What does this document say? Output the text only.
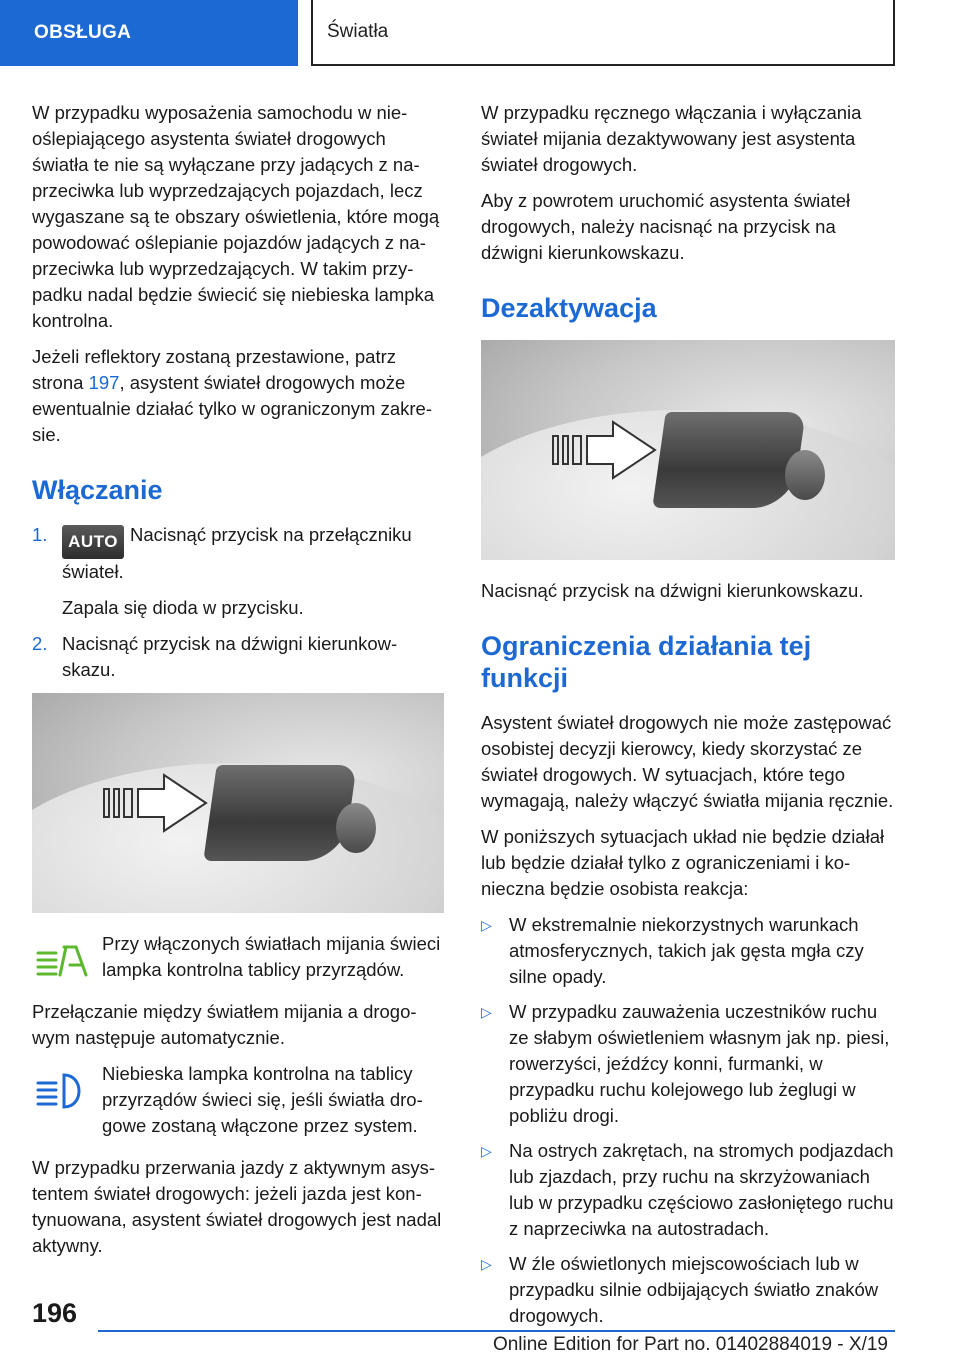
OBSŁUGA	Światła

W przypadku wyposażenia samochodu w nieoślepiającego asystenta świateł drogowych światła te nie są wyłączane przy jadących z naprzeciwka lub wyprzedzających pojazdach, lecz wygaszane są te obszary oświetlenia, które mogą powodować oślepianie pojazdów jadących z naprzeciwka lub wyprzedzających. W takim przypadku nadal będzie świecić się niebieska lampka kontrolna.

Jeżeli reflektory zostaną przestawione, patrz strona 197, asystent świateł drogowych może ewentualnie działać tylko w ograniczonym zakresie.

Włączanie
1.	AUTO Nacisnąć przycisk na przełączniku świateł.
Zapala się dioda w przycisku.
2. Nacisnąć przycisk na dźwigni kierunkowskazu.
Przy włączonych światłach mijania świeci lampka kontrolna tablicy przyrządów.

Przełączanie między światłem mijania a drogowym następuje automatycznie.

Niebieska lampka kontrolna na tablicy przyrządów świeci się, jeśli światła drogowe zostaną włączone przez system.

W przypadku przerwania jazdy z aktywnym asystentem świateł drogowych: jeżeli jazda jest kontynuowana, asystent świateł drogowych jest nadal aktywny.

W przypadku ręcznego włączania i wyłączania świateł mijania dezaktywowany jest asystenta świateł drogowych.

Aby z powrotem uruchomić asystenta świateł drogowych, należy nacisnąć na przycisk na dźwigni kierunkowskazu.

Dezaktywacja

Nacisnąć przycisk na dźwigni kierunkowskazu.

Ograniczenia działania tej funkcji

Asystent świateł drogowych nie może zastępować osobistej decyzji kierowcy, kiedy skorzystać ze świateł drogowych. W sytuacjach, które tego wymagają, należy włączyć światła mijania ręcznie.

W poniższych sytuacjach układ nie będzie działał lub będzie działał tylko z ograniczeniami i konieczna będzie osobista reakcja:

▷ W ekstremalnie niekorzystnych warunkach atmosferycznych, takich jak gęsta mgła czy silne opady.
▷ W przypadku zauważenia uczestników ruchu ze słabym oświetleniem własnym jak np. piesi, rowerzyści, jeźdźcy konni, furmanki, w przypadku ruchu kolejowego lub żeglugi w pobliżu drogi.
▷ Na ostrych zakrętach, na stromych podjazdach lub zjazdach, przy ruchu na skrzyżowaniach lub w przypadku częściowo zasłoniętego ruchu z naprzeciwka na autostradach.
▷ W źle oświetlonych miejscowościach lub w przypadku silnie odbijających światło znaków drogowych.
196
Online Edition for Part no. 01402884019 - X/19
